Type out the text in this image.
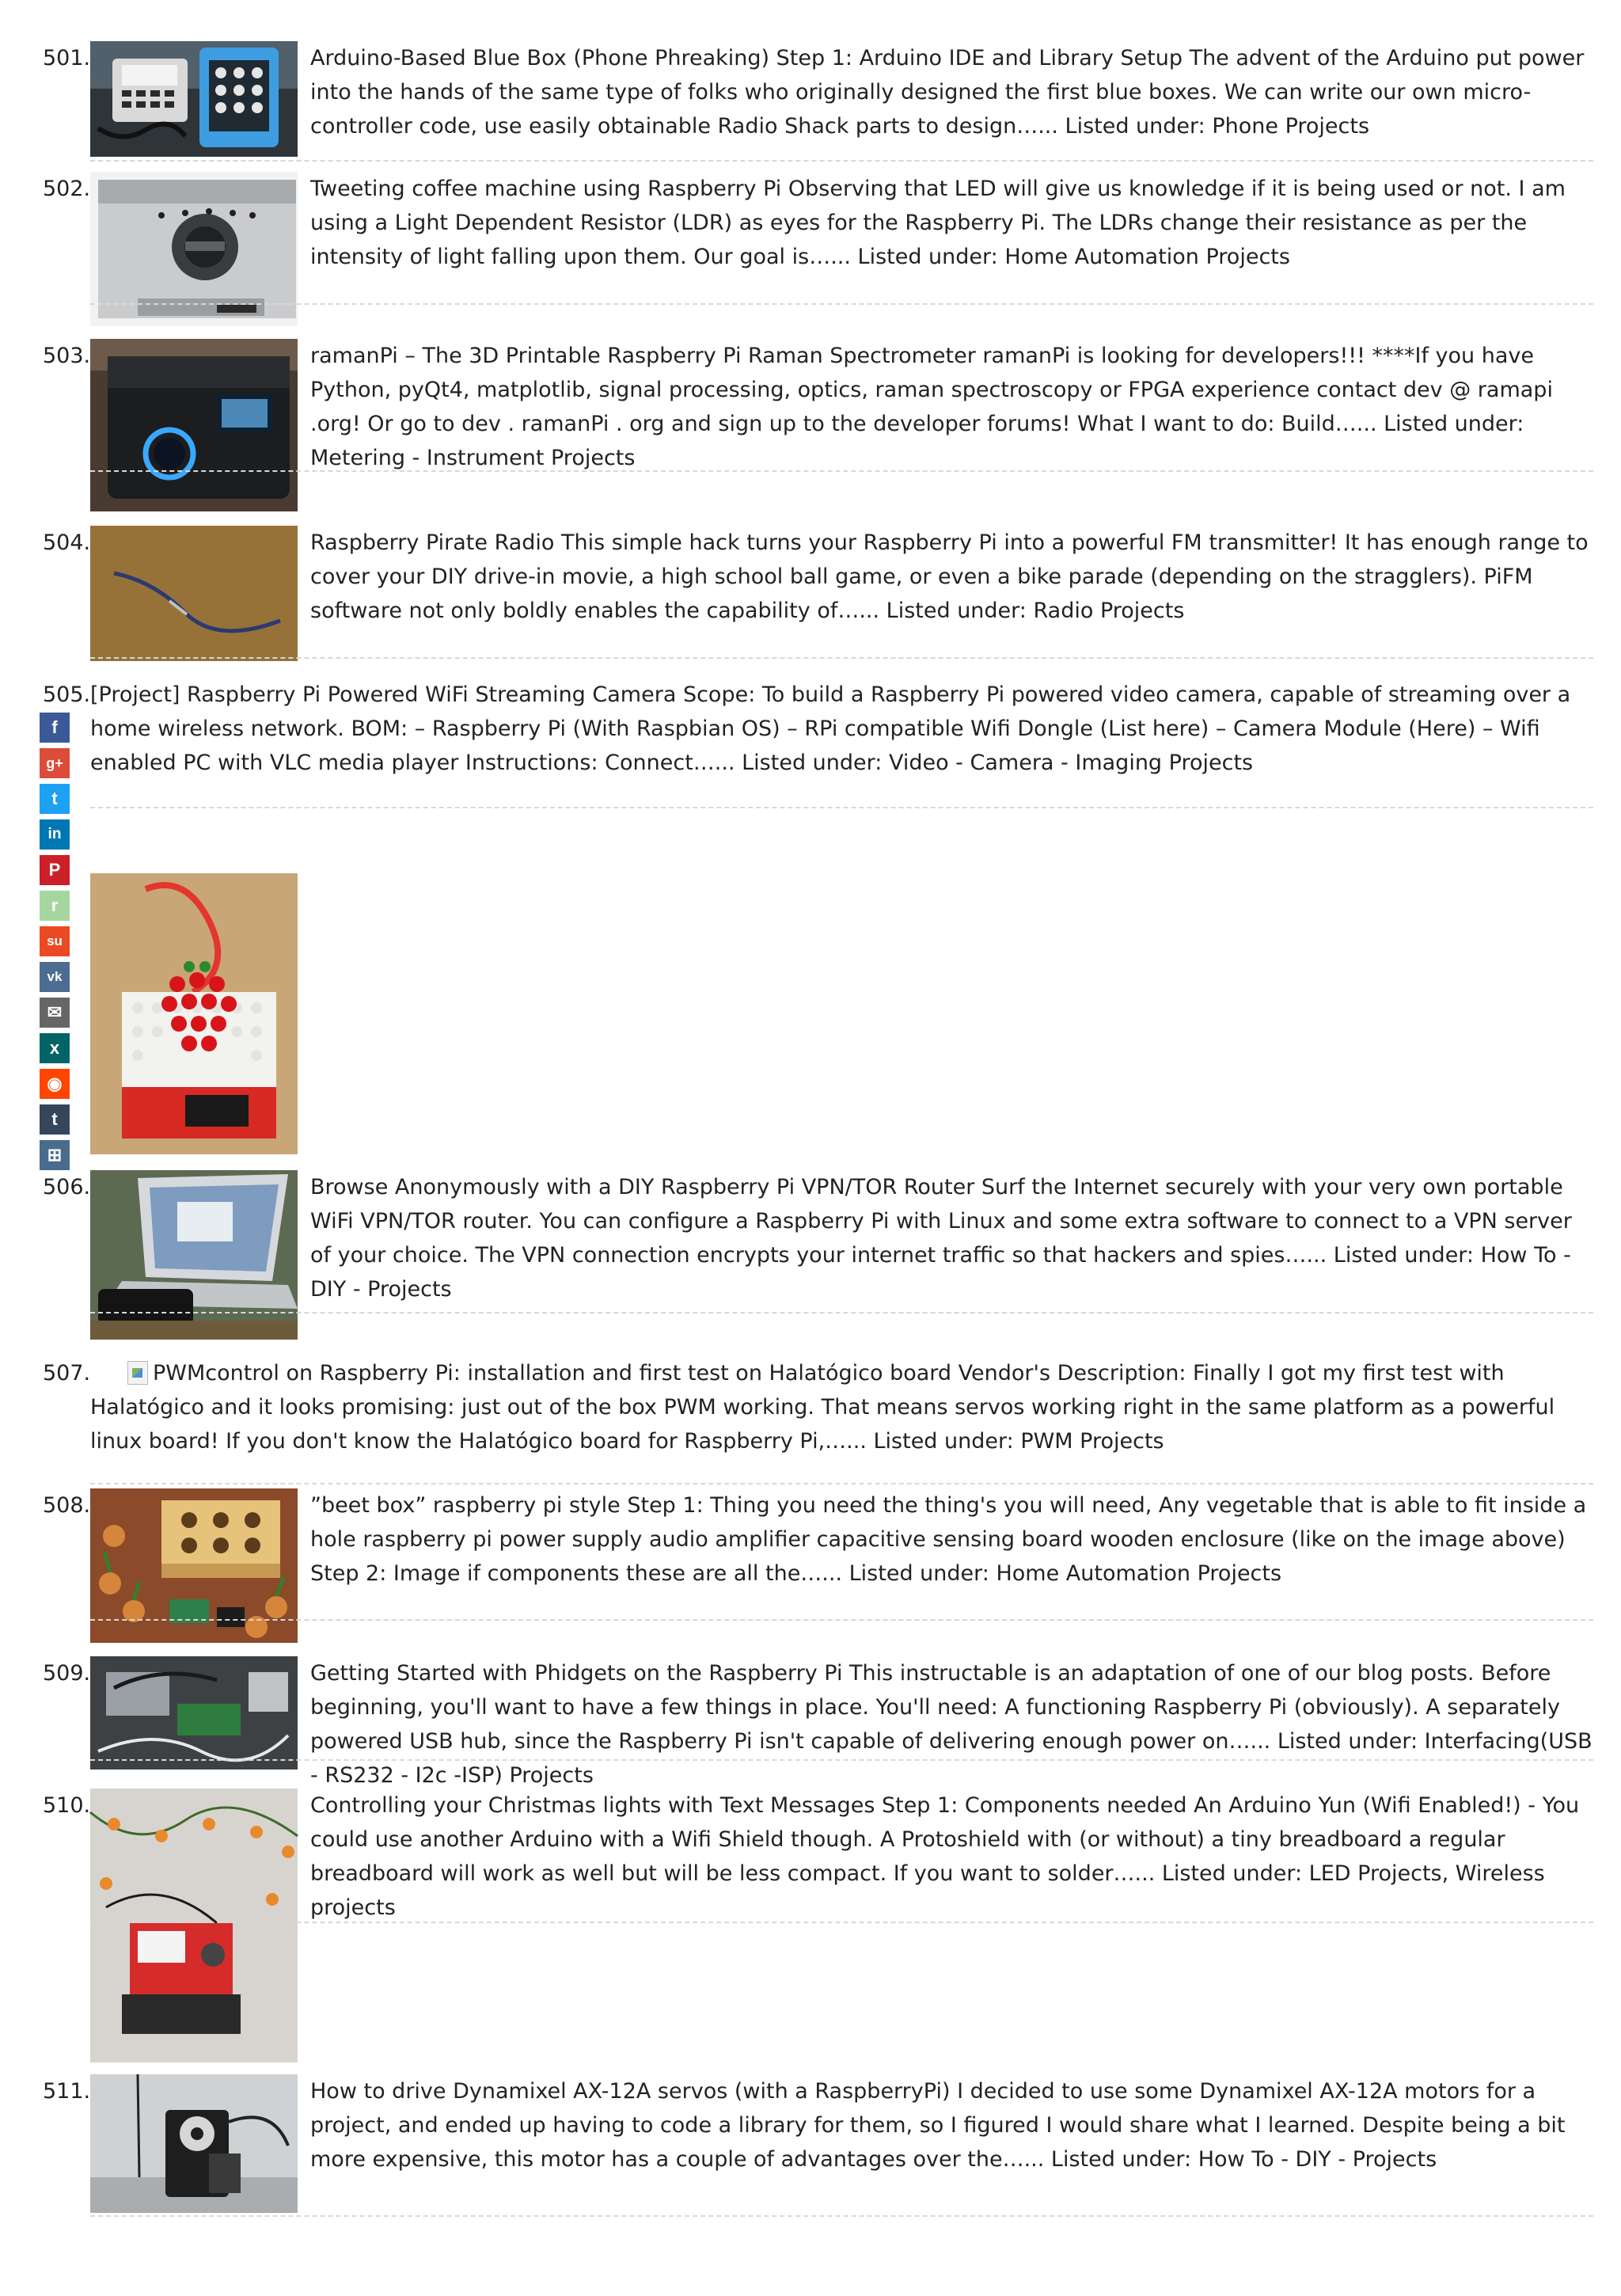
501.	Arduino-Based Blue Box (Phone Phreaking) Step 1: Arduino IDE and Library Setup The advent of the Arduino put power into the hands of the same type of folks who originally designed the first blue boxes. We can write our own micro-controller code, use easily obtainable Radio Shack parts to design…... Listed under: Phone Projects
502.	Tweeting coffee machine using Raspberry Pi Observing that LED will give us knowledge if it is being used or not. I am using a Light Dependent Resistor (LDR) as eyes for the Raspberry Pi. The LDRs change their resistance as per the intensity of light falling upon them. Our goal is…... Listed under: Home Automation Projects
503.	ramanPi – The 3D Printable Raspberry Pi Raman Spectrometer ramanPi is looking for developers!!! ****If you have Python, pyQt4, matplotlib, signal processing, optics, raman spectroscopy or FPGA experience contact dev @ ramapi .org! Or go to dev . ramanPi . org and sign up to the developer forums! What I want to do: Build…... Listed under: Metering - Instrument Projects
504.	Raspberry Pirate Radio This simple hack turns your Raspberry Pi into a powerful FM transmitter! It has enough range to cover your DIY drive-in movie, a high school ball game, or even a bike parade (depending on the stragglers). PiFM software not only boldly enables the capability of…... Listed under: Radio Projects
505. [Project] Raspberry Pi Powered WiFi Streaming Camera Scope: To build a Raspberry Pi powered video camera, capable of streaming over a home wireless network. BOM: – Raspberry Pi (With Raspbian OS) – RPi compatible Wifi Dongle (List here) – Camera Module (Here) – Wifi enabled PC with VLC media player Instructions: Connect…... Listed under: Video - Camera - Imaging Projects
506.	Browse Anonymously with a DIY Raspberry Pi VPN/TOR Router Surf the Internet securely with your very own portable WiFi VPN/TOR router. You can configure a Raspberry Pi with Linux and some extra software to connect to a VPN server of your choice. The VPN connection encrypts your internet traffic so that hackers and spies…... Listed under: How To - DIY - Projects
507.	PWMcontrol on Raspberry Pi: installation and first test on Halatógico board Vendor's Description: Finally I got my first test with Halatógico and it looks promising: just out of the box PWM working. That means servos working right in the same platform as a powerful linux board! If you don't know the Halatógico board for Raspberry Pi,…... Listed under: PWM Projects
508.	”beet box” raspberry pi style Step 1: Thing you need the thing's you will need, Any vegetable that is able to fit inside a hole raspberry pi power supply audio amplifier capacitive sensing board wooden enclosure (like on the image above) Step 2: Image if components these are all the…... Listed under: Home Automation Projects
509.	Getting Started with Phidgets on the Raspberry Pi This instructable is an adaptation of one of our blog posts. Before beginning, you'll want to have a few things in place. You'll need: A functioning Raspberry Pi (obviously). A separately powered USB hub, since the Raspberry Pi isn't capable of delivering enough power on…... Listed under: Interfacing(USB - RS232 - I2c -ISP) Projects
510.	Controlling your Christmas lights with Text Messages Step 1: Components needed An Arduino Yun (Wifi Enabled!) - You could use another Arduino with a Wifi Shield though. A Protoshield with (or without) a tiny breadboard a regular breadboard will work as well but will be less compact. If you want to solder…... Listed under: LED Projects, Wireless projects
511.	How to drive Dynamixel AX-12A servos (with a RaspberryPi) I decided to use some Dynamixel AX-12A motors for a project, and ended up having to code a library for them, so I figured I would share what I learned. Despite being a bit more expensive, this motor has a couple of advantages over the…... Listed under: How To - DIY - Projects
f
g+
t
in
P
r
su
vk
✉
x
◉
t
⊞
